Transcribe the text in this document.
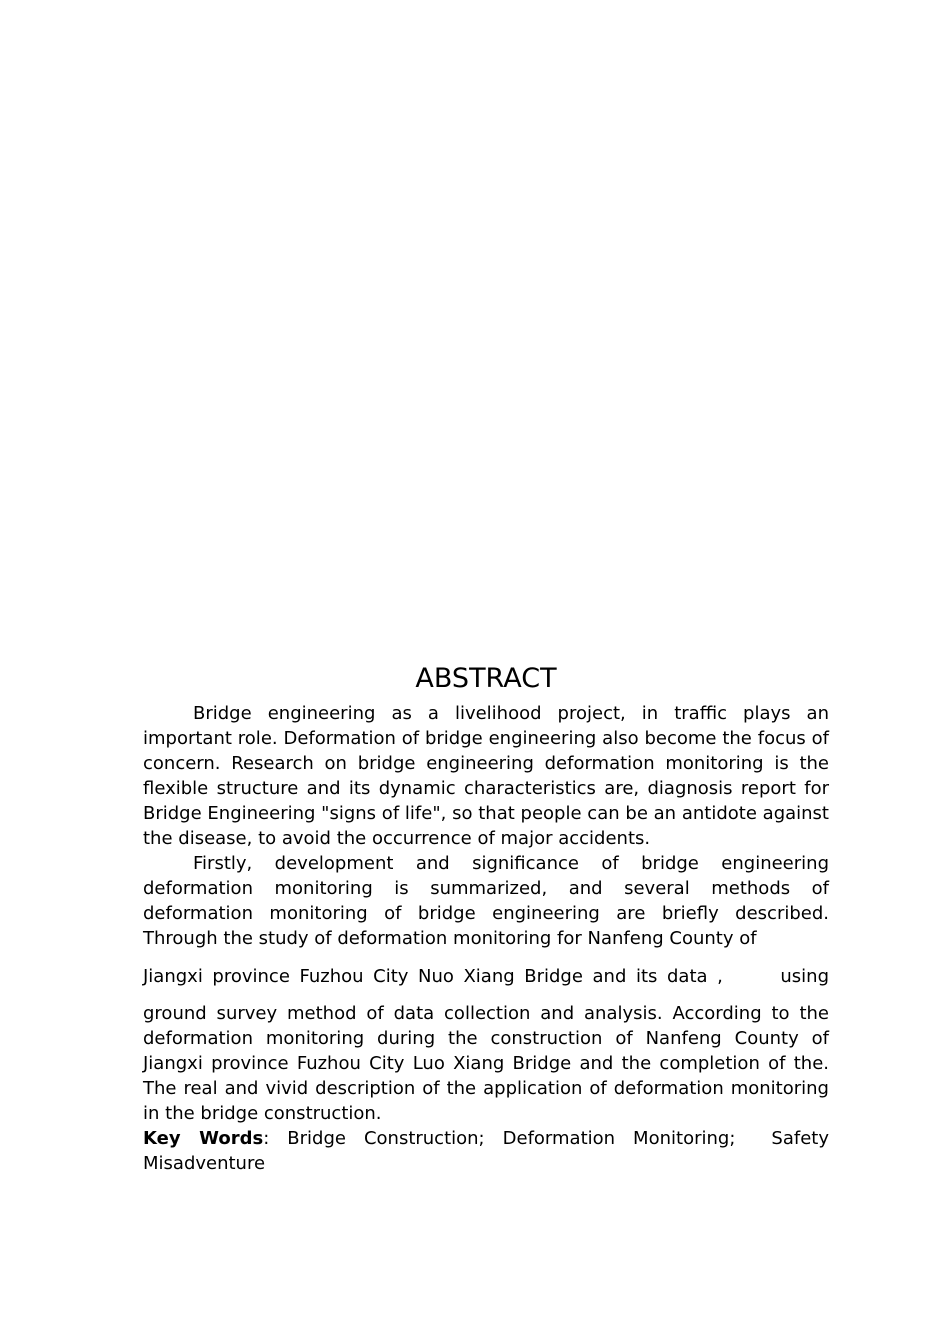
ABSTRACT

Bridge engineering as a livelihood project, in traffic plays an important role. Deformation of bridge engineering also become the focus of concern. Research on bridge engineering deformation monitoring is the flexible structure and its dynamic characteristics are, diagnosis report for Bridge Engineering "signs of life", so that people can be an antidote against the disease, to avoid the occurrence of major accidents.

Firstly, development and significance of bridge engineering deformation monitoring is summarized, and several methods of deformation monitoring of bridge engineering are briefly described. Through the study of deformation monitoring for Nanfeng County of

Jiangxi province Fuzhou City Nuo Xiang Bridge and its data ,      using

ground survey method of data collection and analysis. According to the deformation monitoring during the construction of Nanfeng County of Jiangxi province Fuzhou City Luo Xiang Bridge and the completion of the. The real and vivid description of the application of deformation monitoring in the bridge construction.

Key Words: Bridge Construction; Deformation Monitoring;  Safety Misadventure
